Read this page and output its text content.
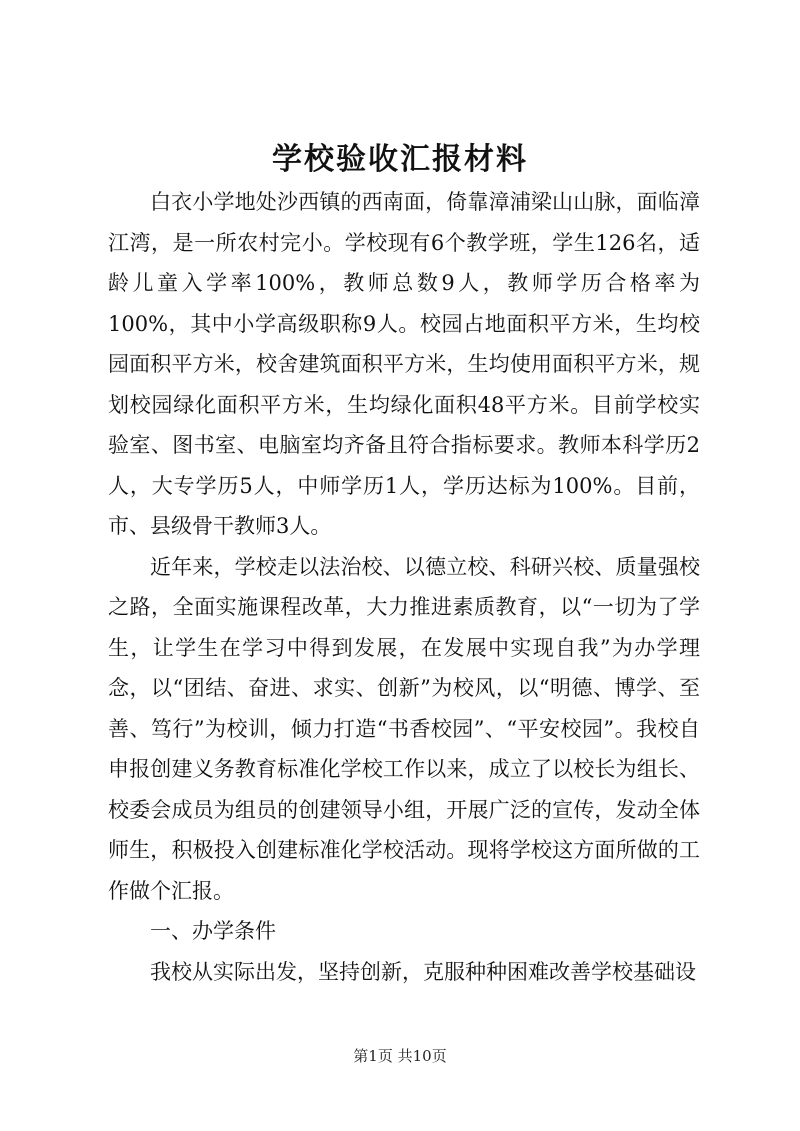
学校验收汇报材料

白衣小学地处沙西镇的西南面，倚靠漳浦梁山山脉，面临漳江湾，是一所农村完小。学校现有6个教学班，学生126名，适龄儿童入学率100%，教师总数9人，教师学历合格率为100%，其中小学高级职称9人。校园占地面积平方米，生均校园面积平方米，校舍建筑面积平方米，生均使用面积平方米，规划校园绿化面积平方米，生均绿化面积48平方米。目前学校实验室、图书室、电脑室均齐备且符合指标要求。教师本科学历2人，大专学历5人，中师学历1人，学历达标为100%。目前，市、县级骨干教师3人。

近年来，学校走以法治校、以德立校、科研兴校、质量强校之路，全面实施课程改革，大力推进素质教育，以“一切为了学生，让学生在学习中得到发展，在发展中实现自我”为办学理念，以“团结、奋进、求实、创新”为校风，以“明德、博学、至善、笃行”为校训，倾力打造“书香校园”、“平安校园”。我校自申报创建义务教育标准化学校工作以来，成立了以校长为组长、校委会成员为组员的创建领导小组，开展广泛的宣传，发动全体师生，积极投入创建标准化学校活动。现将学校这方面所做的工作做个汇报。

一、办学条件

我校从实际出发，坚持创新，克服种种困难改善学校基础设

第1页 共10页
